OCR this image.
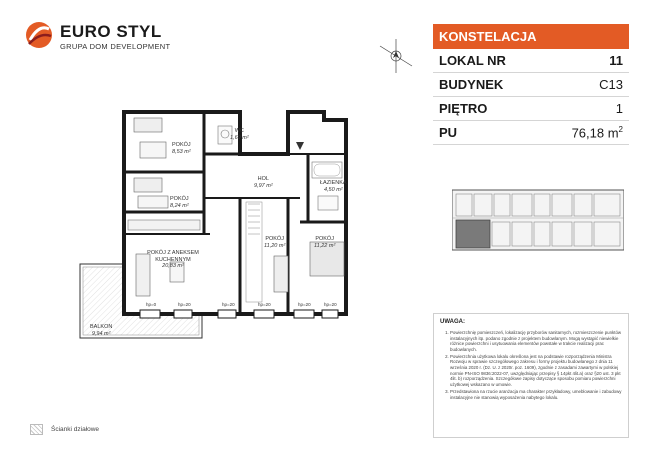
EURO STYL
GRUPA DOM DEVELOPMENT
KONSTELACJA
LOKAL NR	11
BUDYNEK	C13
PIĘTRO	1
PU	76,18 $m^2$
POKÓJ
8,53 m²
WC
1,69 m²
HOL
9,97 m²
POKÓJ
8,24 m²
ŁAZIENKA
4,50 m²
POKÓJ
11,20 m²
POKÓJ
11,22 m²
POKÓJ Z ANEKSEM KUCHENNYM
20,83 m²
BALKON
9,94 m²
hp=0	hp=20	hp=20	hp=20	hp=20	hp=20
UWAGA:
1. Powierzchnię pomieszczeń, lokalizację przyborów sanitarnych, rozmieszczenie punktów instalacyjnych itp. podano zgodnie z projektem budowlanym. Mogą wystąpić niewielkie różnice powierzchni i usytuowania elementów powstałe w trakcie realizacji prac budowlanych.
2. Powierzchnia użytkowa lokalu określona jest na podstawie rozporządzenia Ministra Rozwoju w sprawie szczegółowego zakresu i formy projektu budowlanego z dnia 11 września 2020 r. (Dz. U. z 2020r. poz. 1609), zgodnie z zasadami zawartymi w polskiej normie PN-ISO 9836:2022-07, uwzględniając przepisy § 14pkt 4lit.a) oraz §20 ust. 3 pkt 4lit. b) rozporządzenia. Szczegółowe zapisy dotyczące sposobu pomiaru powierzchni użytkowej wskazano w umowie.
3. Przedstawiona na rzucie aranżacja ma charakter przykładowy, umeblowanie i zabudowy instalacyjne nie stanowią wyposażenia nabytego lokalu.
Ścianki działowe
